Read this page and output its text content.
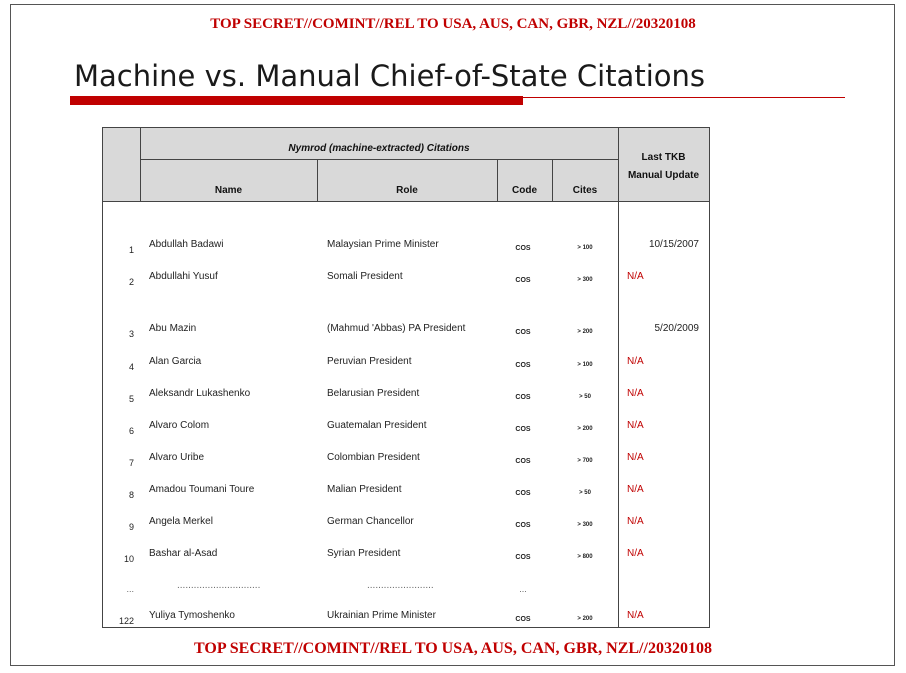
TOP SECRET//COMINT//REL TO USA, AUS, CAN, GBR, NZL//20320108
Machine vs. Manual Chief-of-State Citations
Nymrod (machine-extracted) Citations
Name	Role	Code	Cites
Last TKB
Manual Update
1 Abdullah Badawi	Malaysian Prime Minister	COS	> 100	10/15/2007
2 Abdullahi Yusuf	Somali President	COS	> 300	N/A
3 Abu Mazin	(Mahmud 'Abbas) PA President	COS	> 200	5/20/2009
4 Alan Garcia	Peruvian President	COS	> 100	N/A
5 Aleksandr Lukashenko	Belarusian President	COS	> 50	N/A
6 Alvaro Colom	Guatemalan President	COS	> 200	N/A
7 Alvaro Uribe	Colombian President	COS	> 700	N/A
8 Amadou Toumani Toure	Malian President	COS	> 50	N/A
9 Angela Merkel	German Chancellor	COS	> 300	N/A
10 Bashar al-Asad	Syrian President	COS	> 800	N/A
...	..............................	........................	...
122 Yuliya Tymoshenko	Ukrainian Prime Minister	COS	> 200	N/A
TOP SECRET//COMINT//REL TO USA, AUS, CAN, GBR, NZL//20320108
